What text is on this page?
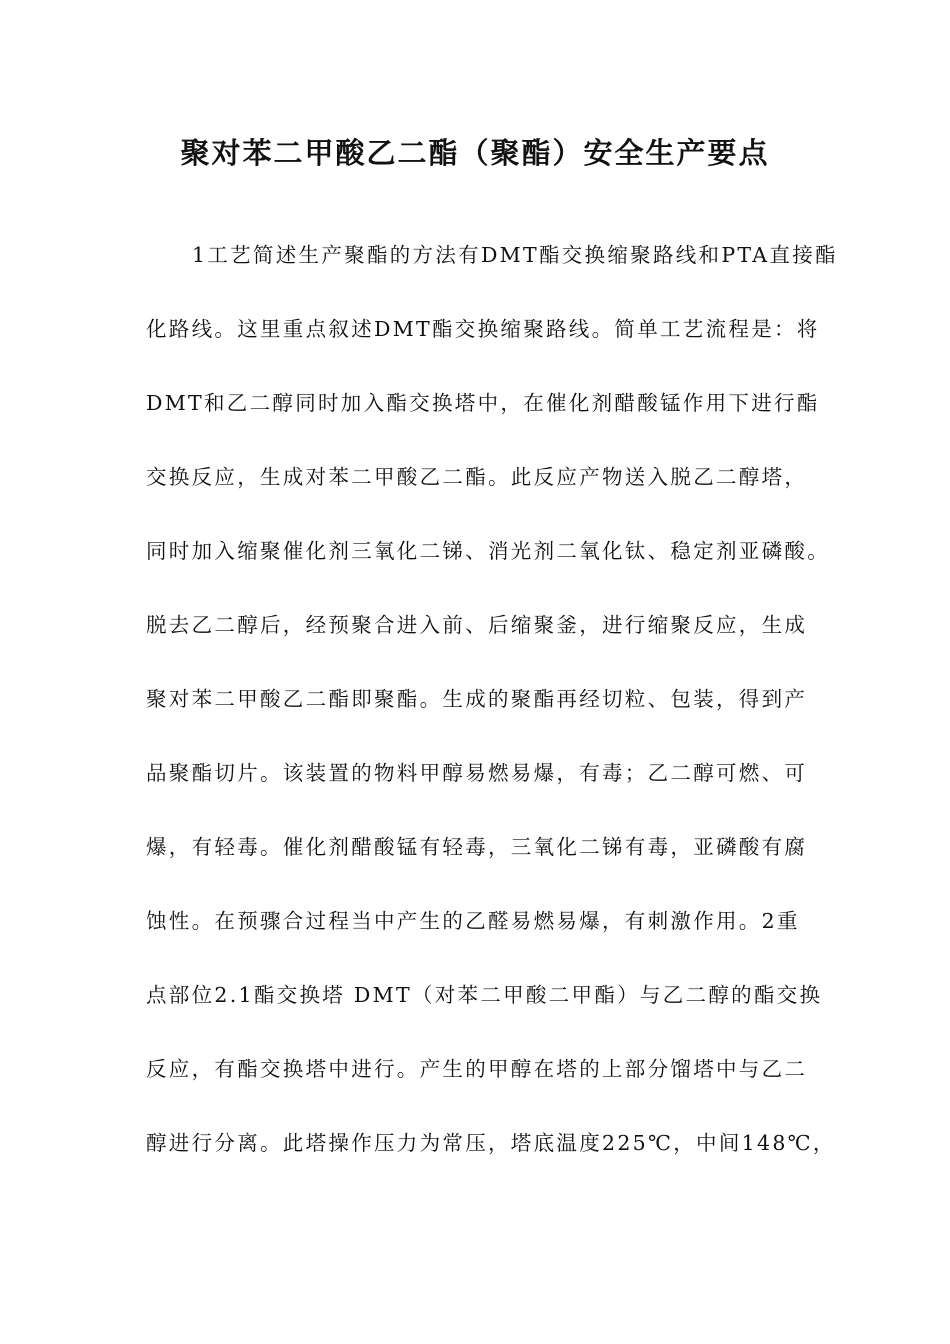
聚对苯二甲酸乙二酯（聚酯）安全生产要点
1工艺简述生产聚酯的方法有DMT酯交换缩聚路线和PTA直接酯
化路线。这里重点叙述DMT酯交换缩聚路线。简单工艺流程是：将
DMT和乙二醇同时加入酯交换塔中，在催化剂醋酸锰作用下进行酯
交换反应，生成对苯二甲酸乙二酯。此反应产物送入脱乙二醇塔，
同时加入缩聚催化剂三氧化二锑、消光剂二氧化钛、稳定剂亚磷酸。
脱去乙二醇后，经预聚合进入前、后缩聚釜，进行缩聚反应，生成
聚对苯二甲酸乙二酯即聚酯。生成的聚酯再经切粒、包装，得到产
品聚酯切片。该装置的物料甲醇易燃易爆，有毒；乙二醇可燃、可
爆，有轻毒。催化剂醋酸锰有轻毒，三氧化二锑有毒，亚磷酸有腐
蚀性。在预骤合过程当中产生的乙醛易燃易爆，有刺激作用。2重
点部位2.1酯交换塔 DMT（对苯二甲酸二甲酯）与乙二醇的酯交换
反应，有酯交换塔中进行。产生的甲醇在塔的上部分馏塔中与乙二
醇进行分离。此塔操作压力为常压，塔底温度225℃，中间148℃，
